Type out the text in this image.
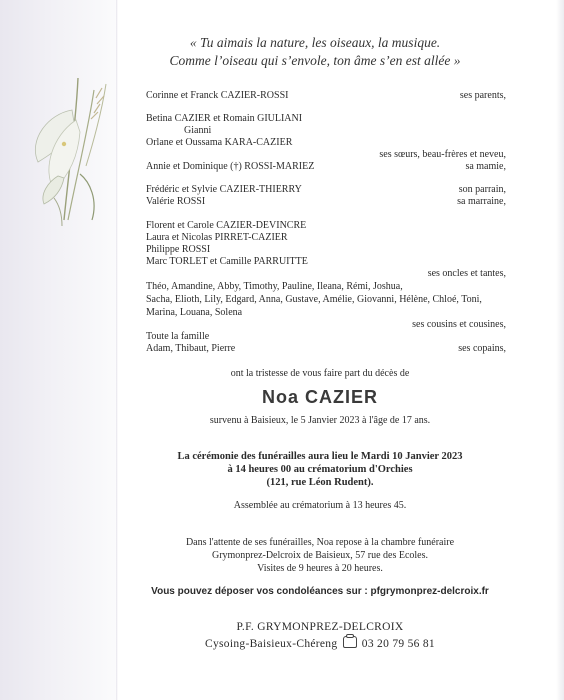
« Tu aimais la nature, les oiseaux, la musique.
Comme l’oiseau qui s’envole, ton âme s’en est allée »
Corinne et Franck CAZIER-ROSSI	ses parents,
Betina CAZIER et Romain GIULIANI
Gianni
Orlane et Oussama KARA-CAZIER
ses sœurs, beau-frères et neveu,
Annie et Dominique (†) ROSSI-MARIEZ	sa mamie,
Frédéric et Sylvie CAZIER-THIERRY	son parrain,
Valérie ROSSI	sa marraine,
Florent et Carole CAZIER-DEVINCRE
Laura et Nicolas PIRRET-CAZIER
Philippe ROSSI
Marc TORLET et Camille PARRUITTE
ses oncles et tantes,
Théo, Amandine, Abby, Timothy, Pauline, Ileana, Rémi, Joshua,
Sacha, Elioth, Lily, Edgard, Anna, Gustave, Amélie, Giovanni, Hélène, Chloé, Toni,
Marina, Louana, Solena
ses cousins et cousines,
Toute la famille
Adam, Thibaut, Pierre	ses copains,
ont la tristesse de vous faire part du décès de
Noa CAZIER
survenu à Baisieux, le 5 Janvier 2023 à l'âge de 17 ans.
La cérémonie des funérailles aura lieu le Mardi 10 Janvier 2023
à 14 heures 00 au crématorium d'Orchies
(121, rue Léon Rudent).
Assemblée au crématorium à 13 heures 45.
Dans l'attente de ses funérailles, Noa repose à la chambre funéraire
Grymonprez-Delcroix de Baisieux, 57 rue des Ecoles.
Visites de 9 heures à 20 heures.
Vous pouvez déposer vos condoléances sur : pfgrymonprez-delcroix.fr
P.F. GRYMONPREZ-DELCROIX
Cysoing-Baisieux-Chéreng 03 20 79 56 81
